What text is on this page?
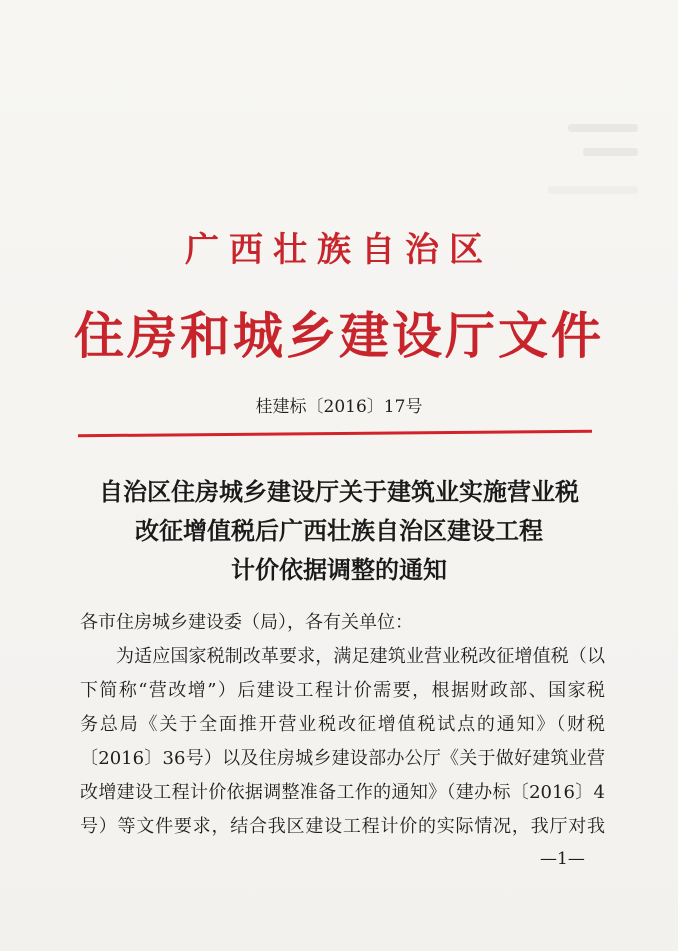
广西壮族自治区
住房和城乡建设厅文件
桂建标〔2016〕17号
自治区住房城乡建设厅关于建筑业实施营业税
改征增值税后广西壮族自治区建设工程
计价依据调整的通知
各市住房城乡建设委（局），各有关单位：
为适应国家税制改革要求，满足建筑业营业税改征增值税（以
下简称“营改增”）后建设工程计价需要，根据财政部、国家税
务总局《关于全面推开营业税改征增值税试点的通知》（财税
〔2016〕36号）以及住房城乡建设部办公厅《关于做好建筑业营
改增建设工程计价依据调整准备工作的通知》（建办标〔2016〕4
号）等文件要求，结合我区建设工程计价的实际情况，我厅对我
—1—
